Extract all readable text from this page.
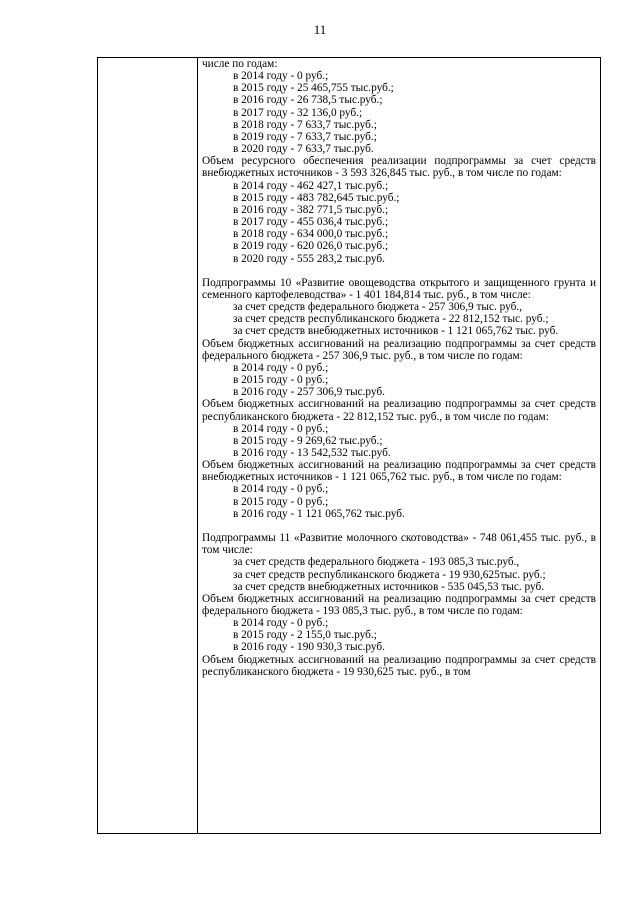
11

числе по годам:

в 2014 году - 0 руб.;

в 2015 году - 25 465,755 тыс.руб.;

в 2016 году - 26 738,5 тыс.руб.;

в 2017 году - 32 136,0 руб.;

в 2018 году - 7 633,7 тыс.руб.;

в 2019 году - 7 633,7 тыс.руб.;

в 2020 году - 7 633,7 тыс.руб.

Объем ресурсного обеспечения реализации подпрограммы за счет средств внебюджетных источников - 3 593 326,845 тыс. руб., в том числе по годам:

в 2014 году - 462 427,1 тыс.руб.;

в 2015 году - 483 782,645 тыс.руб.;

в 2016 году - 382 771,5 тыс.руб.;

в 2017 году - 455 036,4 тыс.руб.;

в 2018 году - 634 000,0 тыс.руб.;

в 2019 году - 620 026,0 тыс.руб.;

в 2020 году - 555 283,2 тыс.руб.

Подпрограммы 10 «Развитие овощеводства открытого и защищенного грунта и семенного картофелеводства» - 1 401 184,814 тыс. руб., в том числе:

за счет средств федерального бюджета - 257 306,9 тыс. руб.,

за счет средств республиканского бюджета - 22 812,152 тыс. руб.;

за счет средств внебюджетных источников - 1 121 065,762 тыс. руб.

Объем бюджетных ассигнований на реализацию подпрограммы за счет средств федерального бюджета - 257 306,9 тыс. руб., в том числе по годам:

в 2014 году - 0 руб.;

в 2015 году - 0 руб.;

в 2016 году - 257 306,9 тыс.руб.

Объем бюджетных ассигнований на реализацию подпрограммы за счет средств республиканского бюджета - 22 812,152 тыс. руб., в том числе по годам:

в 2014 году - 0 руб.;

в 2015 году - 9 269,62 тыс.руб.;

в 2016 году - 13 542,532 тыс.руб.

Объем бюджетных ассигнований на реализацию подпрограммы за счет средств внебюджетных источников - 1 121 065,762 тыс. руб., в том числе по годам:

в 2014 году - 0 руб.;

в 2015 году - 0 руб.;

в 2016 году - 1 121 065,762 тыс.руб.

Подпрограммы 11 «Развитие молочного скотоводства» - 748 061,455 тыс. руб., в том числе:

за счет средств федерального бюджета - 193 085,3 тыс.руб.,

за счет средств республиканского бюджета - 19 930,625тыс. руб.;

за счет средств внебюджетных источников - 535 045,53 тыс. руб.

Объем бюджетных ассигнований на реализацию подпрограммы за счет средств федерального бюджета - 193 085,3 тыс. руб., в том числе по годам:

в 2014 году - 0 руб.;

в 2015 году - 2 155,0 тыс.руб.;

в 2016 году - 190 930,3 тыс.руб.

Объем бюджетных ассигнований на реализацию подпрограммы за счет средств республиканского бюджета - 19 930,625 тыс. руб., в том
